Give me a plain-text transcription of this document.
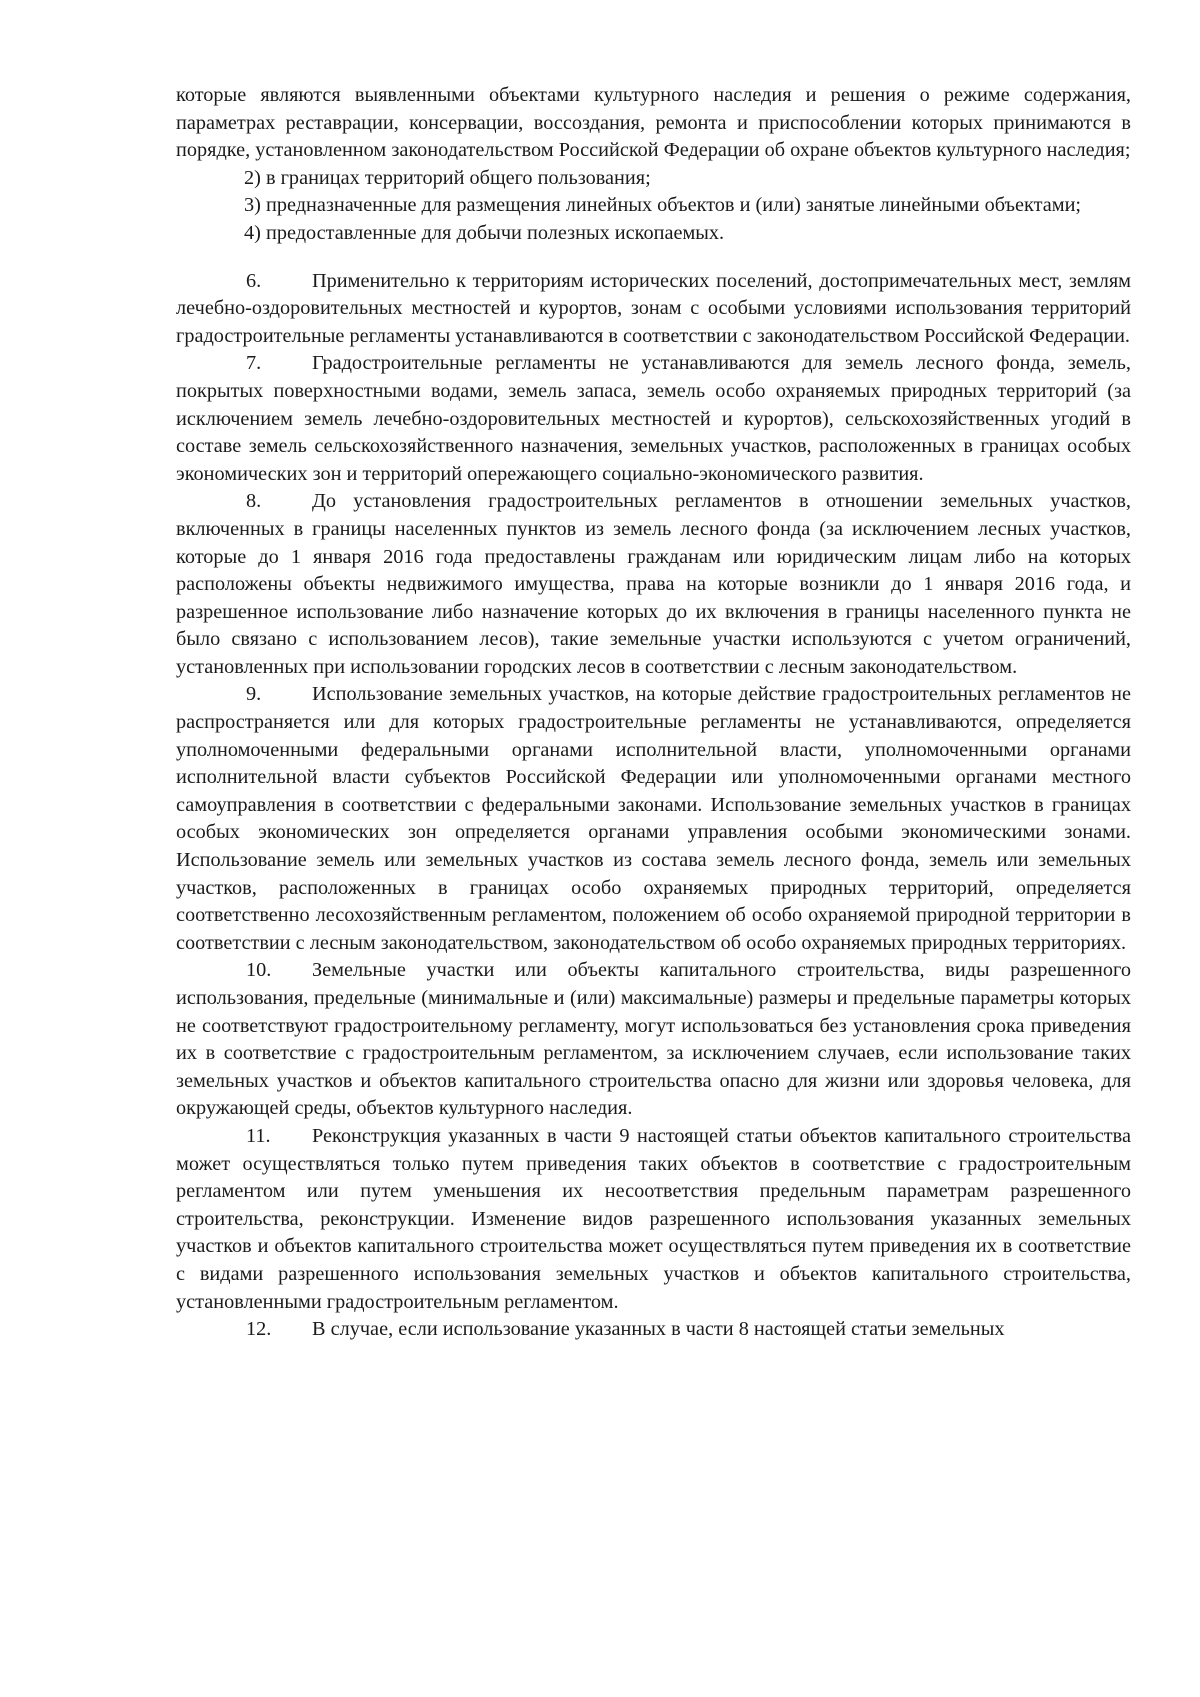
которые являются выявленными объектами культурного наследия и решения о режиме содержания, параметрах реставрации, консервации, воссоздания, ремонта и приспособлении которых принимаются в порядке, установленном законодательством Российской Федерации об охране объектов культурного наследия;

2) в границах территорий общего пользования;

3) предназначенные для размещения линейных объектов и (или) занятые линейными объектами;

4) предоставленные для добычи полезных ископаемых.

6.	Применительно к территориям исторических поселений, достопримечательных мест, землям лечебно-оздоровительных местностей и курортов, зонам с особыми условиями использования территорий градостроительные регламенты устанавливаются в соответствии с законодательством Российской Федерации.

7.	Градостроительные регламенты не устанавливаются для земель лесного фонда, земель, покрытых поверхностными водами, земель запаса, земель особо охраняемых природных территорий (за исключением земель лечебно-оздоровительных местностей и курортов), сельскохозяйственных угодий в составе земель сельскохозяйственного назначения, земельных участков, расположенных в границах особых экономических зон и территорий опережающего социально-экономического развития.

8.	До установления градостроительных регламентов в отношении земельных участков, включенных в границы населенных пунктов из земель лесного фонда (за исключением лесных участков, которые до 1 января 2016 года предоставлены гражданам или юридическим лицам либо на которых расположены объекты недвижимого имущества, права на которые возникли до 1 января 2016 года, и разрешенное использование либо назначение которых до их включения в границы населенного пункта не было связано с использованием лесов), такие земельные участки используются с учетом ограничений, установленных при использовании городских лесов в соответствии с лесным законодательством.

9.	Использование земельных участков, на которые действие градостроительных регламентов не распространяется или для которых градостроительные регламенты не устанавливаются, определяется уполномоченными федеральными органами исполнительной власти, уполномоченными органами исполнительной власти субъектов Российской Федерации или уполномоченными органами местного самоуправления в соответствии с федеральными законами. Использование земельных участков в границах особых экономических зон определяется органами управления особыми экономическими зонами. Использование земель или земельных участков из состава земель лесного фонда, земель или земельных участков, расположенных в границах особо охраняемых природных территорий, определяется соответственно лесохозяйственным регламентом, положением об особо охраняемой природной территории в соответствии с лесным законодательством, законодательством об особо охраняемых природных территориях.

10. Земельные участки или объекты капитального строительства, виды разрешенного использования, предельные (минимальные и (или) максимальные) размеры и предельные параметры которых не соответствуют градостроительному регламенту, могут использоваться без установления срока приведения их в соответствие с градостроительным регламентом, за исключением случаев, если использование таких земельных участков и объектов капитального строительства опасно для жизни или здоровья человека, для окружающей среды, объектов культурного наследия.

11. Реконструкция указанных в части 9 настоящей статьи объектов капитального строительства может осуществляться только путем приведения таких объектов в соответствие с градостроительным регламентом или путем уменьшения их несоответствия предельным параметрам разрешенного строительства, реконструкции. Изменение видов разрешенного использования указанных земельных участков и объектов капитального строительства может осуществляться путем приведения их в соответствие с видами разрешенного использования земельных участков и объектов капитального строительства, установленными градостроительным регламентом.

12. В случае, если использование указанных в части 8 настоящей статьи земельных
